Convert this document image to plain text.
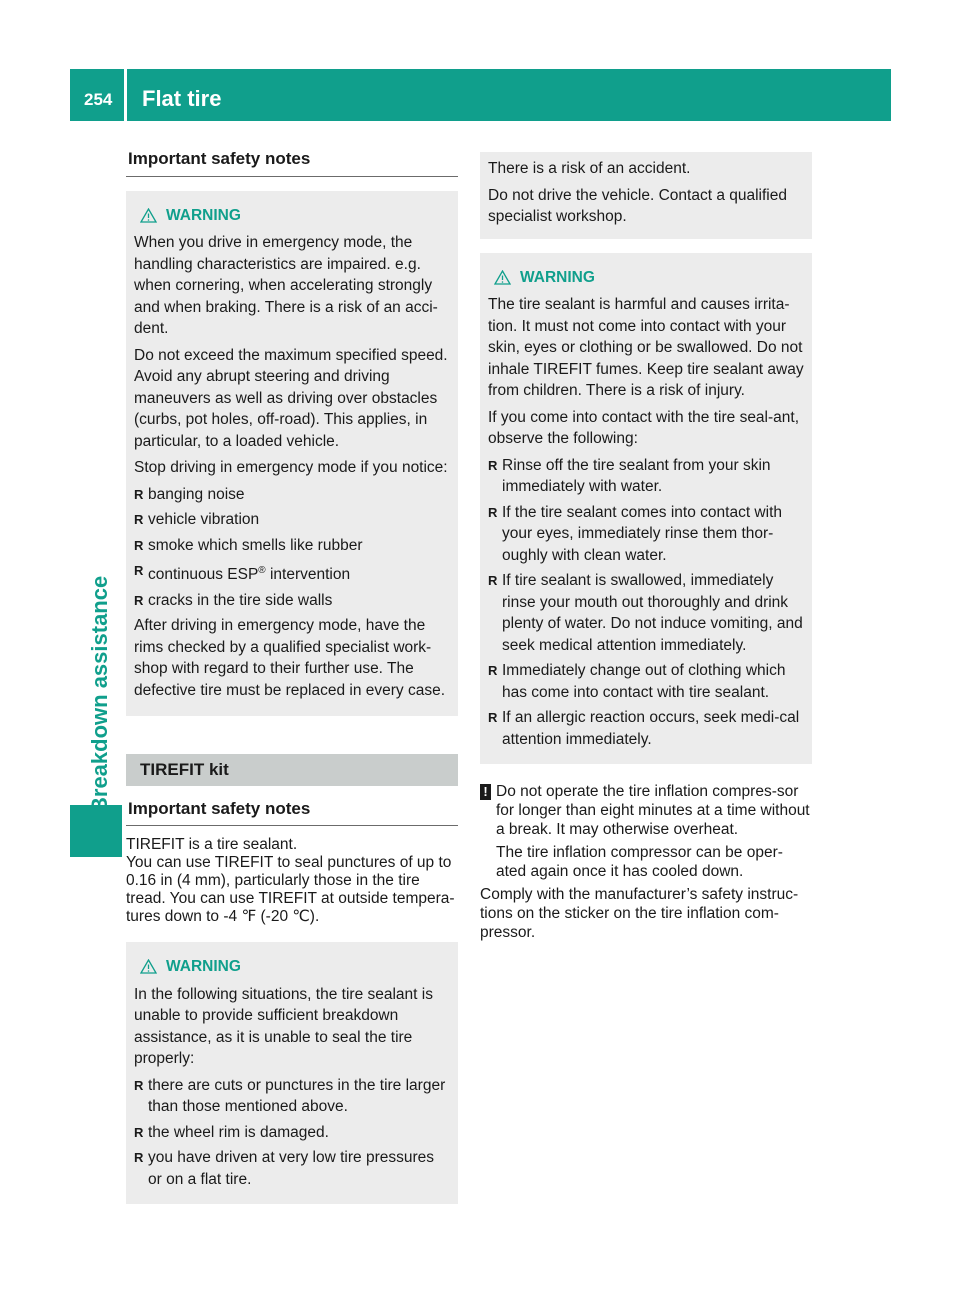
254 Flat tire
Breakdown assistance
Important safety notes
WARNING

When you drive in emergency mode, the handling characteristics are impaired. e.g. when cornering, when accelerating strongly and when braking. There is a risk of an acci-dent.

Do not exceed the maximum specified speed. Avoid any abrupt steering and driving maneuvers as well as driving over obstacles (curbs, pot holes, off-road). This applies, in particular, to a loaded vehicle.

Stop driving in emergency mode if you notice:

R banging noise
R vehicle vibration
R smoke which smells like rubber
R continuous ESP® intervention
R cracks in the tire side walls

After driving in emergency mode, have the rims checked by a qualified specialist work-shop with regard to their further use. The defective tire must be replaced in every case.

TIREFIT kit
Important safety notes

TIREFIT is a tire sealant.

You can use TIREFIT to seal punctures of up to 0.16 in (4 mm), particularly those in the tire tread. You can use TIREFIT at outside tempera-tures down to -4 ℉ (-20 ℃).

WARNING

In the following situations, the tire sealant is unable to provide sufficient breakdown assistance, as it is unable to seal the tire properly:

R there are cuts or punctures in the tire larger than those mentioned above.
R the wheel rim is damaged.
R you have driven at very low tire pressures or on a flat tire.

There is a risk of an accident.

Do not drive the vehicle. Contact a qualified specialist workshop.

WARNING

The tire sealant is harmful and causes irrita-tion. It must not come into contact with your skin, eyes or clothing or be swallowed. Do not inhale TIREFIT fumes. Keep tire sealant away from children. There is a risk of injury.

If you come into contact with the tire seal-ant, observe the following:

R Rinse off the tire sealant from your skin immediately with water.
R If the tire sealant comes into contact with your eyes, immediately rinse them thor-oughly with clean water.
R If tire sealant is swallowed, immediately rinse your mouth out thoroughly and drink plenty of water. Do not induce vomiting, and seek medical attention immediately.
R Immediately change out of clothing which has come into contact with tire sealant.
R If an allergic reaction occurs, seek medi-cal attention immediately.
! Do not operate the tire inflation compres-sor for longer than eight minutes at a time without a break. It may otherwise overheat.

The tire inflation compressor can be oper-ated again once it has cooled down.

Comply with the manufacturer’s safety instruc-tions on the sticker on the tire inflation com-pressor.
